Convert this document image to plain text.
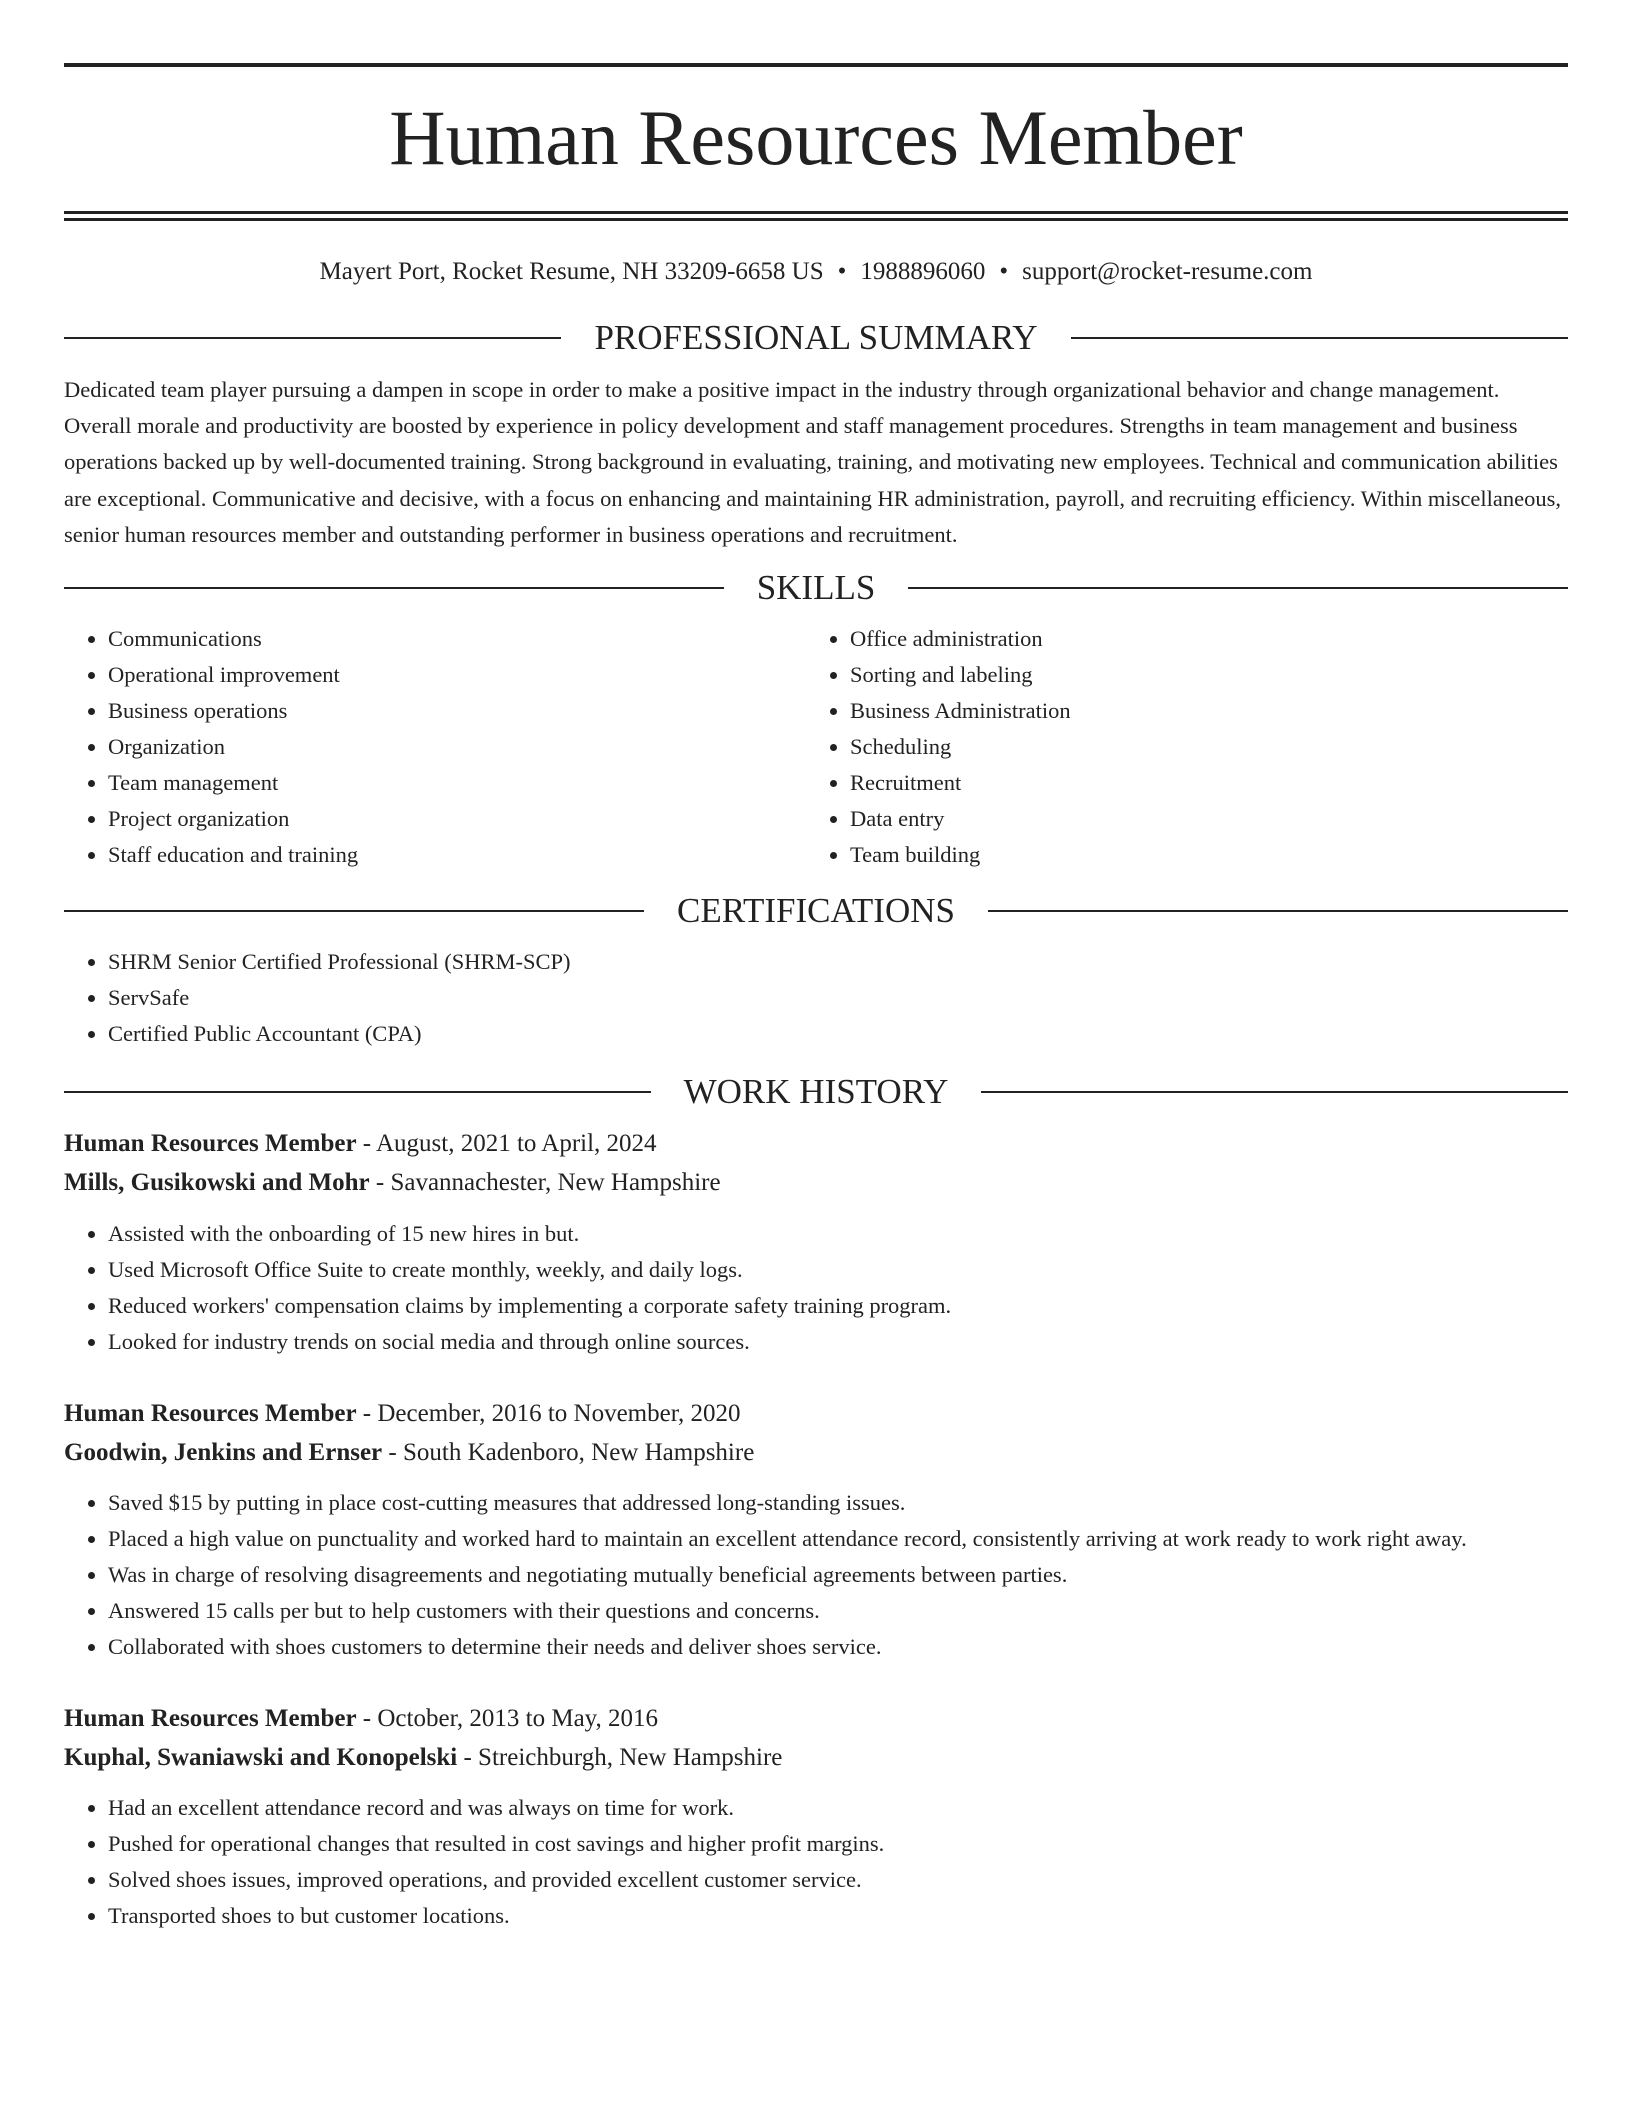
Human Resources Member
Mayert Port, Rocket Resume, NH 33209-6658 US • 1988896060 • support@rocket-resume.com
PROFESSIONAL SUMMARY

Dedicated team player pursuing a dampen in scope in order to make a positive impact in the industry through organizational behavior and change management. Overall morale and productivity are boosted by experience in policy development and staff management procedures. Strengths in team management and business operations backed up by well-documented training. Strong background in evaluating, training, and motivating new employees. Technical and communication abilities are exceptional. Communicative and decisive, with a focus on enhancing and maintaining HR administration, payroll, and recruiting efficiency. Within miscellaneous, senior human resources member and outstanding performer in business operations and recruitment.

SKILLS
• Communications
• Operational improvement
• Business operations
• Organization
• Team management
• Project organization
• Staff education and training
• Office administration
• Sorting and labeling
• Business Administration
• Scheduling
• Recruitment
• Data entry
• Team building
CERTIFICATIONS
• SHRM Senior Certified Professional (SHRM-SCP)
• ServSafe
• Certified Public Accountant (CPA)
WORK HISTORY
Human Resources Member - August, 2021 to April, 2024
Mills, Gusikowski and Mohr - Savannachester, New Hampshire
• Assisted with the onboarding of 15 new hires in but.
• Used Microsoft Office Suite to create monthly, weekly, and daily logs.
• Reduced workers' compensation claims by implementing a corporate safety training program.
• Looked for industry trends on social media and through online sources.
Human Resources Member - December, 2016 to November, 2020
Goodwin, Jenkins and Ernser - South Kadenboro, New Hampshire
• Saved $15 by putting in place cost-cutting measures that addressed long-standing issues.
• Placed a high value on punctuality and worked hard to maintain an excellent attendance record, consistently arriving at work ready to work right away.
• Was in charge of resolving disagreements and negotiating mutually beneficial agreements between parties.
• Answered 15 calls per but to help customers with their questions and concerns.
• Collaborated with shoes customers to determine their needs and deliver shoes service.
Human Resources Member - October, 2013 to May, 2016
Kuphal, Swaniawski and Konopelski - Streichburgh, New Hampshire
• Had an excellent attendance record and was always on time for work.
• Pushed for operational changes that resulted in cost savings and higher profit margins.
• Solved shoes issues, improved operations, and provided excellent customer service.
• Transported shoes to but customer locations.
